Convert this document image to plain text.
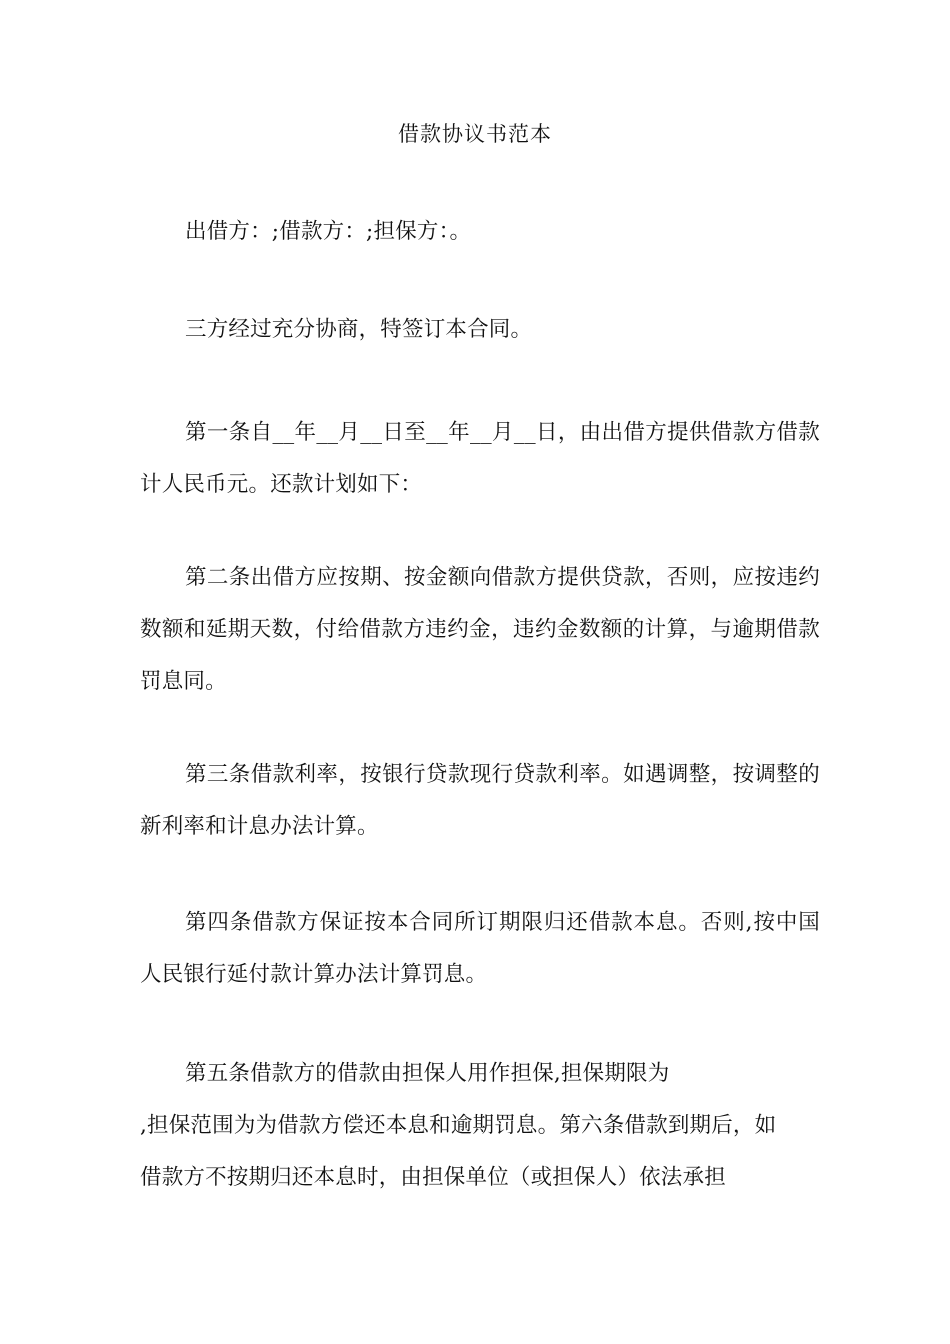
借款协议书范本
出借方：;借款方：;担保方：。
三方经过充分协商，特签订本合同。
第一条自__年__月__日至__年__月__日，由出借方提供借款方借款计人民币元。还款计划如下：
第二条出借方应按期、按金额向借款方提供贷款，否则，应按违约数额和延期天数，付给借款方违约金，违约金数额的计算，与逾期借款罚息同。
第三条借款利率，按银行贷款现行贷款利率。如遇调整，按调整的新利率和计息办法计算。
第四条借款方保证按本合同所订期限归还借款本息。否则,按中国人民银行延付款计算办法计算罚息。
第五条借款方的借款由担保人用作担保,担保期限为
,担保范围为为借款方偿还本息和逾期罚息。第六条借款到期后，如
借款方不按期归还本息时，由担保单位（或担保人）依法承担
